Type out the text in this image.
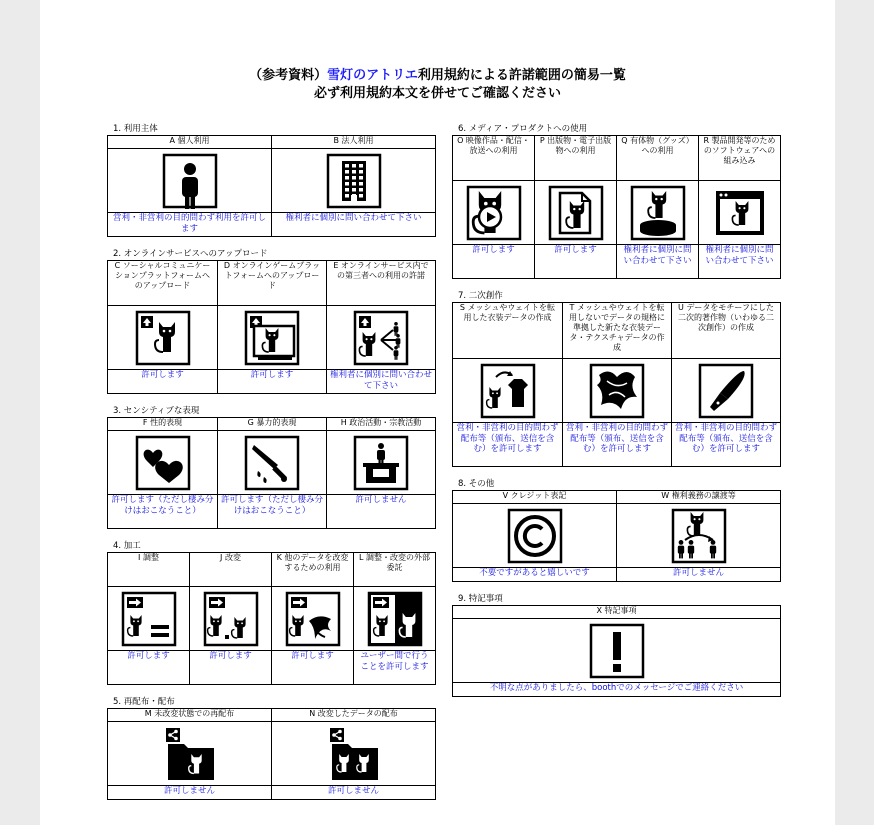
（参考資料）雪灯のアトリエ利用規約による許諾範囲の簡易一覧
必ず利用規約本文を併せてご確認ください
1. 利用主体
A 個人利用	B 法人利用

営利・非営利の目的問わず利用を許可します	権利者に個別に問い合わせて下さい
2. オンラインサービスへのアップロード
C ソーシャルコミュニケーションプラットフォームへのアップロード	D オンラインゲームプラットフォームへのアップロード	E オンラインサービス内での第三者への利用の許諾

許可します	許可します	権利者に個別に問い合わせて下さい
3. センシティブな表現
F 性的表現	G 暴力的表現	H 政治活動・宗教活動

許可します（ただし棲み分けはおこなうこと）	許可します（ただし棲み分けはおこなうこと）	許可しません
4. 加工
I 調整	J 改変	K 他のデータを改変するための利用	L 調整・改変の外部委託

許可します	許可します	許可します	ユーザー間で行うことを許可します
5. 再配布・配布
M 未改変状態での再配布	N 改変したデータの配布

許可しません	許可しません
6. メディア・プロダクトへの使用
O 映像作品・配信・放送への利用	P 出版物・電子出版物への利用	Q 有体物（グッズ）への利用	R 製品開発等のためのソフトウェアへの組み込み

許可します	許可します	権利者に個別に問い合わせて下さい	権利者に個別に問い合わせて下さい
7. 二次創作
S メッシュやウェイトを転用した衣装データの作成	T メッシュやウェイトを転用しないでデータの規格に準拠した新たな衣装データ・テクスチャデータの作成	U データをモチーフにした二次的著作物（いわゆる二次創作）の作成

営利・非営利の目的問わず配布等（頒布、送信を含む）を許可します	営利・非営利の目的問わず配布等（頒布、送信を含む）を許可します	営利・非営利の目的問わず配布等（頒布、送信を含む）を許可します
8. その他
V クレジット表記	W 権利義務の譲渡等

不要ですがあると嬉しいです	許可しません
9. 特記事項
X 特記事項

不明な点がありましたら、boothでのメッセージでご連絡ください
